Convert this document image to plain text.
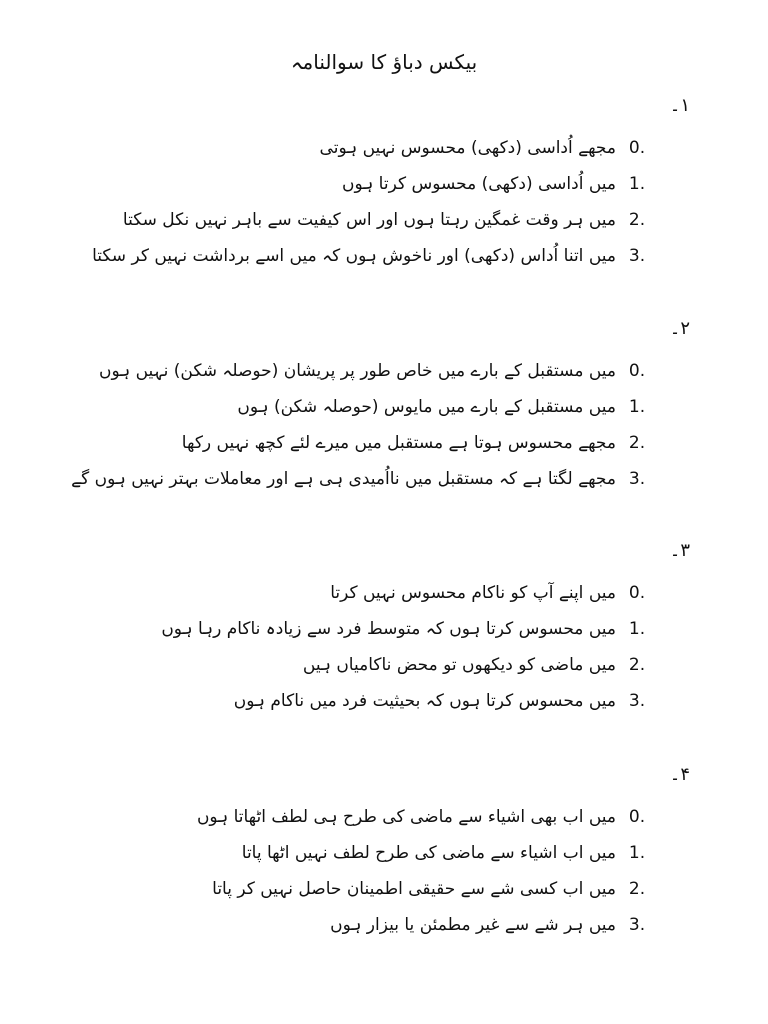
بیکس دباؤ کا سوالنامہ
۱۔
0.مجھے اُداسی (دکھی) محسوس نہیں ہوتی
1.میں اُداسی (دکھی) محسوس کرتا ہوں
2.میں ہر وقت غمگین رہتا ہوں اور اس کیفیت سے باہر نہیں نکل سکتا
3.میں اتنا اُداس (دکھی) اور ناخوش ہوں کہ میں اسے برداشت نہیں کر سکتا
۲۔
0.میں مستقبل کے بارے میں خاص طور پر پریشان (حوصلہ شکن) نہیں ہوں
1.میں مستقبل کے بارے میں مایوس (حوصلہ شکن) ہوں
2.مجھے محسوس ہوتا ہے مستقبل میں میرے لئے کچھ نہیں رکھا
3.مجھے لگتا ہے کہ مستقبل میں نااُمیدی ہی ہے اور معاملات بہتر نہیں ہوں گے
۳۔
0.میں اپنے آپ کو ناکام محسوس نہیں کرتا
1.میں محسوس کرتا ہوں کہ متوسط فرد سے زیادہ ناکام رہا ہوں
2.میں ماضی کو دیکھوں تو محض ناکامیاں ہیں
3.میں محسوس کرتا ہوں کہ بحیثیت فرد میں ناکام ہوں
۴۔
0.میں اب بھی اشیاء سے ماضی کی طرح ہی لطف اٹھاتا ہوں
1.میں اب اشیاء سے ماضی کی طرح لطف نہیں اٹھا پاتا
2.میں اب کسی شے سے حقیقی اطمینان حاصل نہیں کر پاتا
3.میں ہر شے سے غیر مطمئن یا بیزار ہوں
